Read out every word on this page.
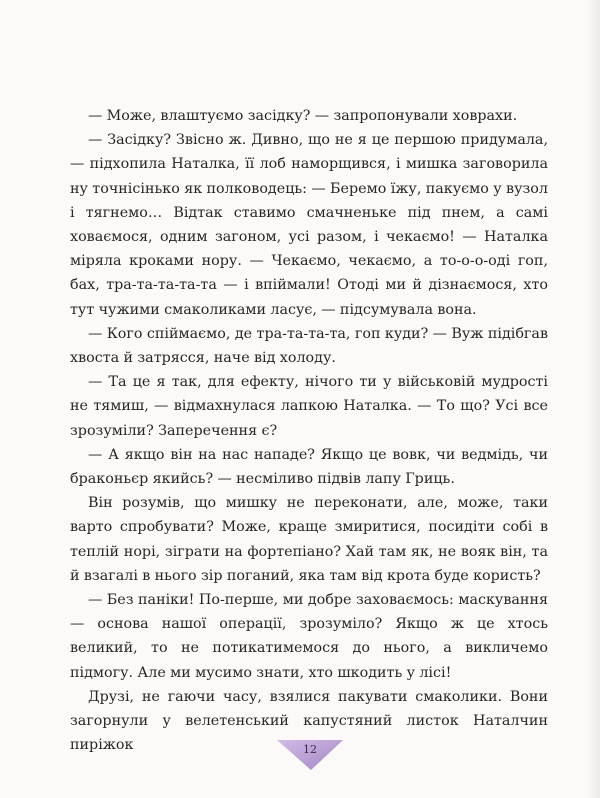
— Може, влаштуємо засідку? — запропонували ховрахи.

— Засідку? Звісно ж. Дивно, що не я це першою придумала, — підхопила Наталка, її лоб наморщився, і мишка заговорила ну точнісінько як полководець: — Беремо їжу, пакуємо у вузол і тягнемо… Відтак ставимо смачненьке під пнем, а самі ховаємося, одним загоном, усі разом, і чекаємо! — Наталка міряла кроками нору. — Чекаємо, чекаємо, а то-о-о-оді гоп, бах, тра-та-та-та-та — і впіймали! Отоді ми й дізнаємося, хто тут чужими смаколиками ласує, — підсумувала вона.

— Кого спіймаємо, де тра-та-та-та, гоп куди? — Вуж підібгав хвоста й затрясся, наче від холоду.

— Та це я так, для ефекту, нічого ти у військовій мудрості не тямиш, — відмахнулася лапкою Наталка. — То що? Усі все зрозуміли? Заперечення є?

— А якщо він на нас нападе? Якщо це вовк, чи ведмідь, чи браконьєр якийсь? — несміливо підвів лапу Гриць.

Він розумів, що мишку не переконати, але, може, таки варто спробувати? Може, краще змиритися, посидіти собі в теплій норі, зіграти на фортепіано? Хай там як, не вояк він, та й взагалі в нього зір поганий, яка там від крота буде користь?

— Без паніки! По-перше, ми добре заховаємось: маскування — основа нашої операції, зрозуміло? Якщо ж це хтось великий, то не потикатимемося до нього, а викличемо підмогу. Але ми мусимо знати, хто шкодить у лісі!

Друзі, не гаючи часу, взялися пакувати смаколики. Вони загорнули у велетенський капустяний листок Наталчин пиріжок	12
